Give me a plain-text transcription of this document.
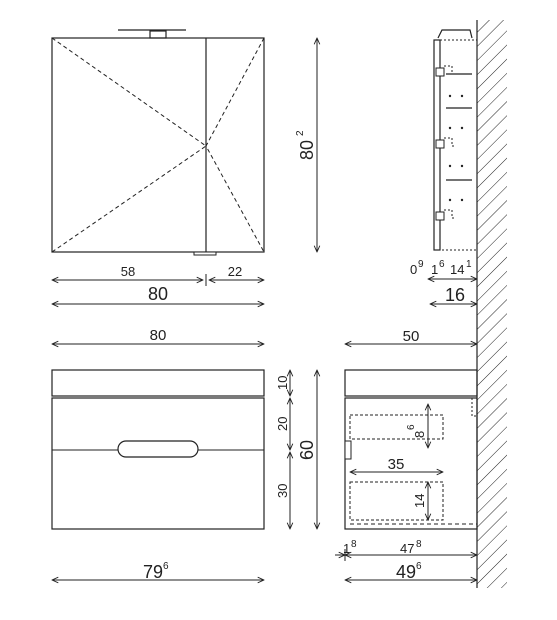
58	22
80
80
2
0 9 1 6 14 1
16
80
10
20
30
60
79 6
50
8
6
35
14
1 8	47 8
49 6
